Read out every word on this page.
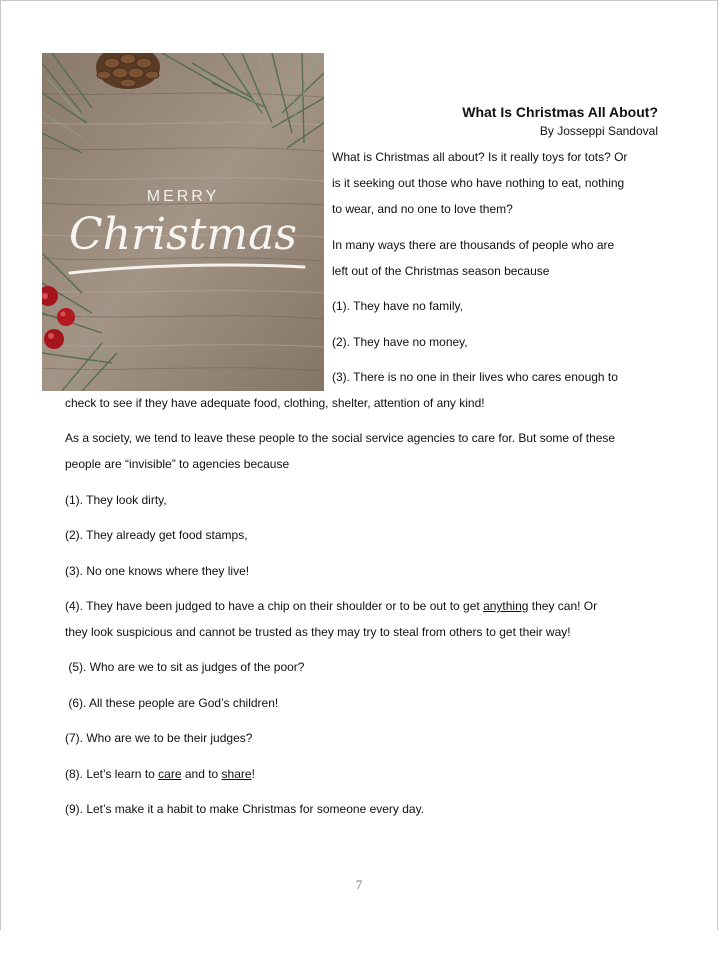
MERRY
Christmas

What Is Christmas All About?

By Josseppi Sandoval

What is Christmas all about? Is it really toys for tots? Or

is it seeking out those who have nothing to eat, nothing

to wear, and no one to love them?

In many ways there are thousands of people who are

left out of the Christmas season because

(1). They have no family,

(2). They have no money,

(3). There is no one in their lives who cares enough to

check to see if they have adequate food, clothing, shelter, attention of any kind!

As a society, we tend to leave these people to the social service agencies to care for. But some of these

people are “invisible” to agencies because

(1). They look dirty,

(2). They already get food stamps,

(3). No one knows where they live!

(4). They have been judged to have a chip on their shoulder or to be out to get anything they can! Or

they look suspicious and cannot be trusted as they may try to steal from others to get their way!

(5). Who are we to sit as judges of the poor?

(6). All these people are God’s children!

(7). Who are we to be their judges?

(8). Let’s learn to care and to share!

(9). Let’s make it a habit to make Christmas for someone every day.

7
